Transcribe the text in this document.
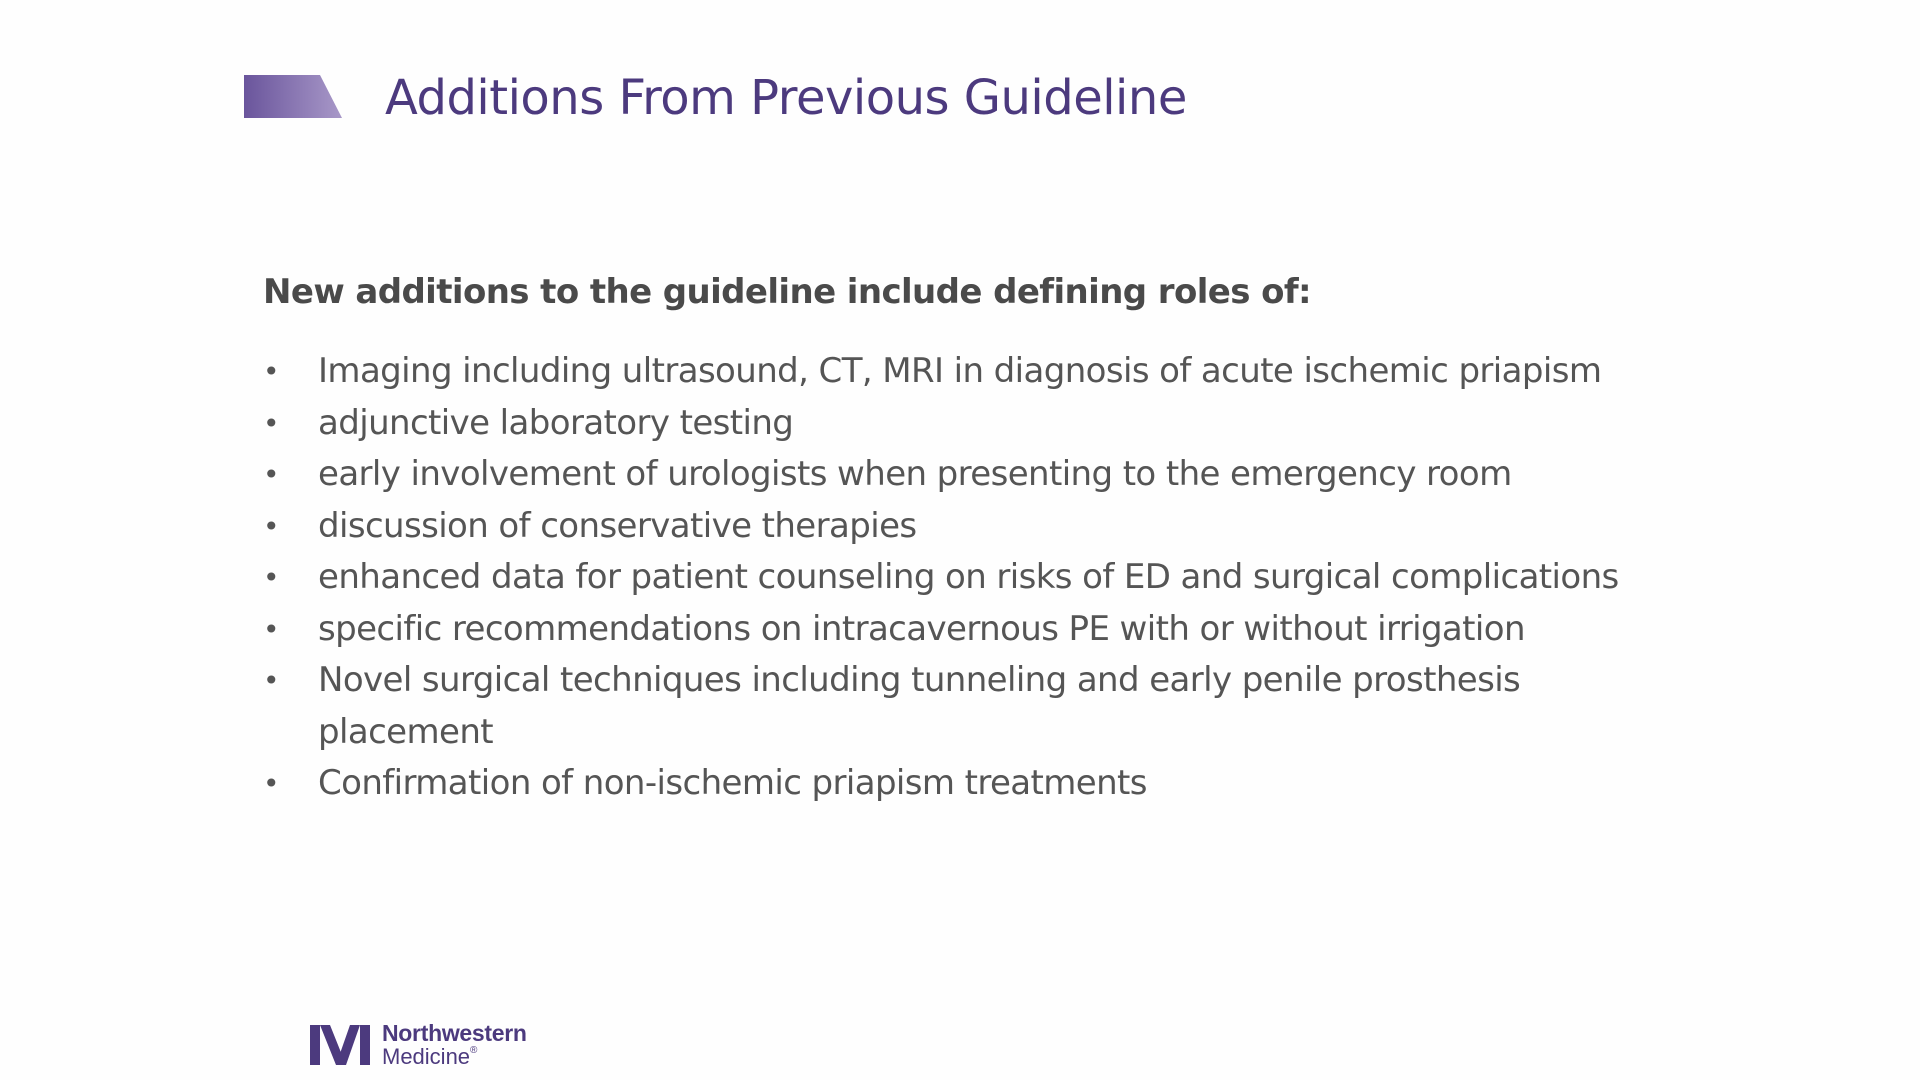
Additions From Previous Guideline

New additions to the guideline include defining roles of:

• Imaging including ultrasound, CT, MRI in diagnosis of acute ischemic priapism
• adjunctive laboratory testing
• early involvement of urologists when presenting to the emergency room
• discussion of conservative therapies
• enhanced data for patient counseling on risks of ED and surgical complications
• specific recommendations on intracavernous PE with or without irrigation
• Novel surgical techniques including tunneling and early penile prosthesis placement
• Confirmation of non-ischemic priapism treatments
Northwestern
Medicine®
